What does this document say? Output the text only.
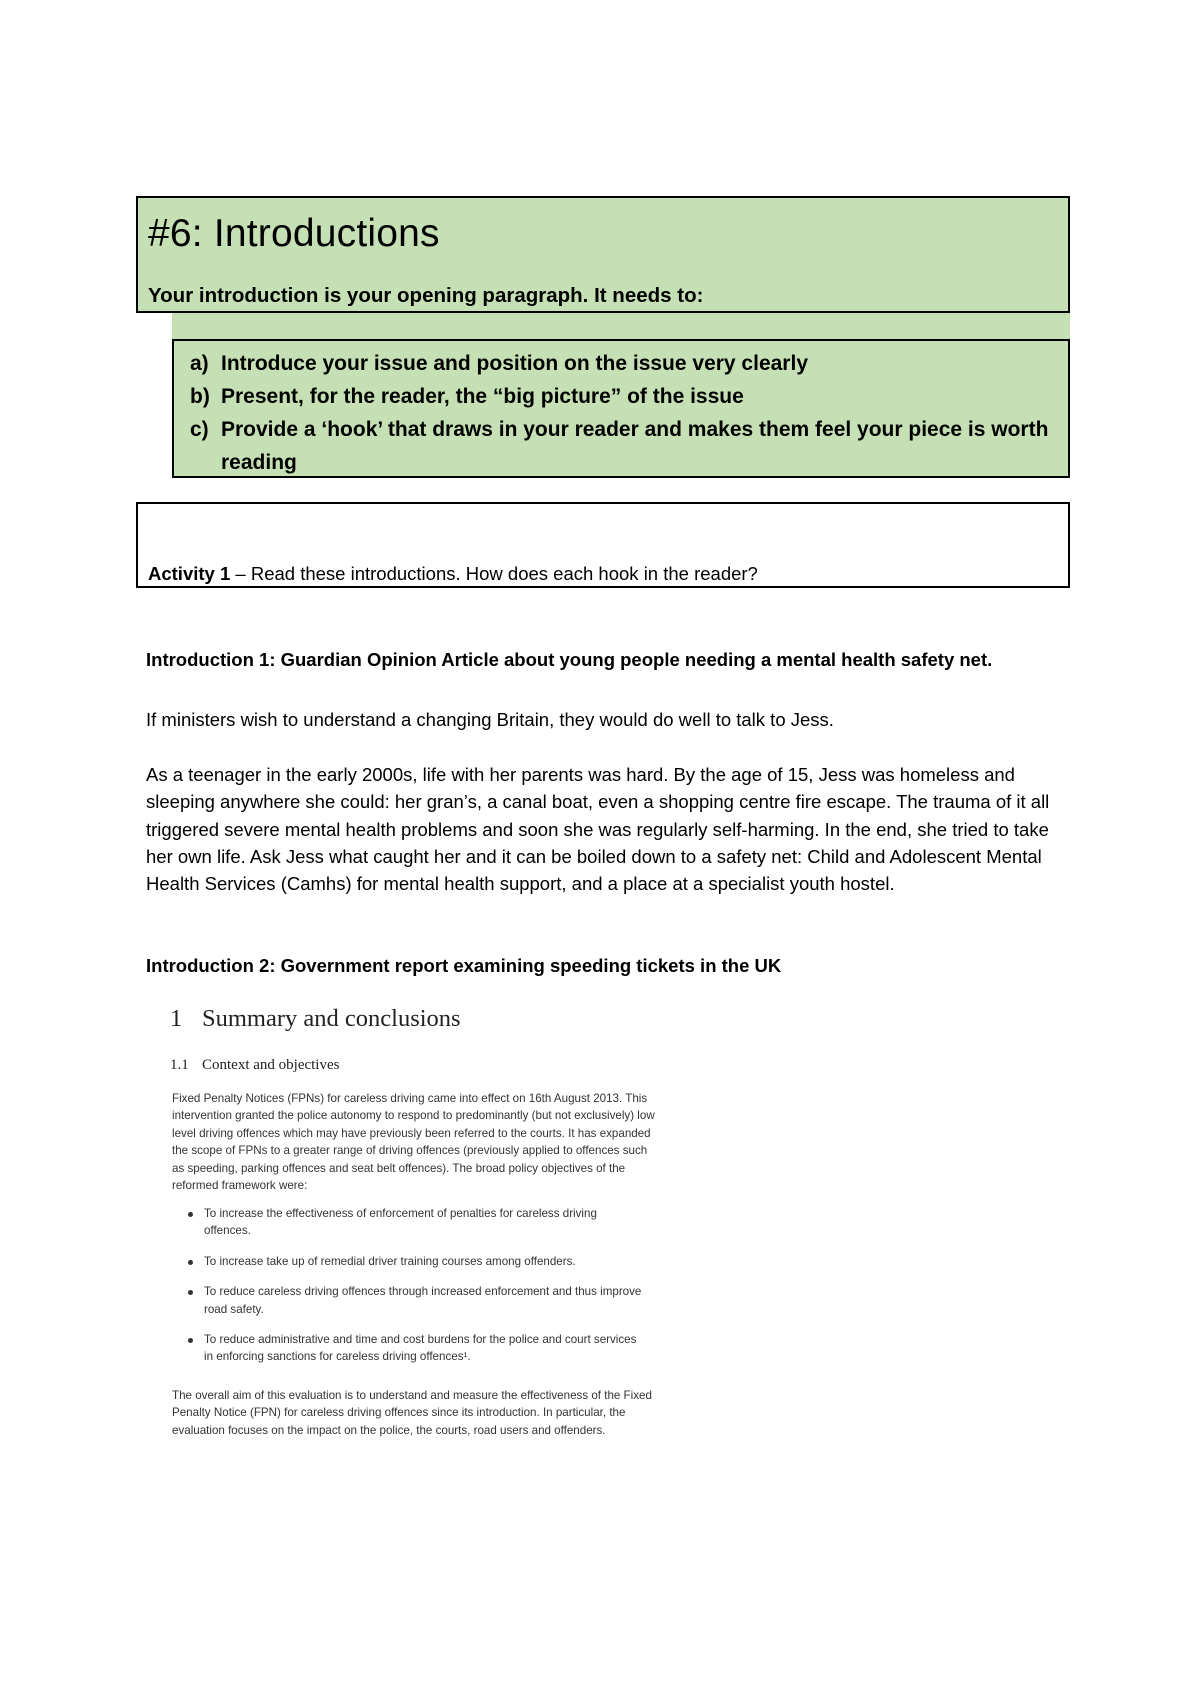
#6: Introductions
Your introduction is your opening paragraph. It needs to:
a) Introduce your issue and position on the issue very clearly
b) Present, for the reader, the “big picture” of the issue
c) Provide a ‘hook’ that draws in your reader and makes them feel your piece is worth reading
Activity 1 – Read these introductions. How does each hook in the reader?
Introduction 1: Guardian Opinion Article about young people needing a mental health safety net.
If ministers wish to understand a changing Britain, they would do well to talk to Jess.
As a teenager in the early 2000s, life with her parents was hard. By the age of 15, Jess was homeless and sleeping anywhere she could: her gran’s, a canal boat, even a shopping centre fire escape. The trauma of it all triggered severe mental health problems and soon she was regularly self-harming. In the end, she tried to take her own life. Ask Jess what caught her and it can be boiled down to a safety net: Child and Adolescent Mental Health Services (Camhs) for mental health support, and a place at a specialist youth hostel.
Introduction 2: Government report examining speeding tickets in the UK
1 Summary and conclusions
1.1 Context and objectives
Fixed Penalty Notices (FPNs) for careless driving came into effect on 16th August 2013. This intervention granted the police autonomy to respond to predominantly (but not exclusively) low level driving offences which may have previously been referred to the courts. It has expanded the scope of FPNs to a greater range of driving offences (previously applied to offences such as speeding, parking offences and seat belt offences). The broad policy objectives of the reformed framework were:
To increase the effectiveness of enforcement of penalties for careless driving offences.
To increase take up of remedial driver training courses among offenders.
To reduce careless driving offences through increased enforcement and thus improve road safety.
To reduce administrative and time and cost burdens for the police and court services in enforcing sanctions for careless driving offences¹.
The overall aim of this evaluation is to understand and measure the effectiveness of the Fixed Penalty Notice (FPN) for careless driving offences since its introduction. In particular, the evaluation focuses on the impact on the police, the courts, road users and offenders.
